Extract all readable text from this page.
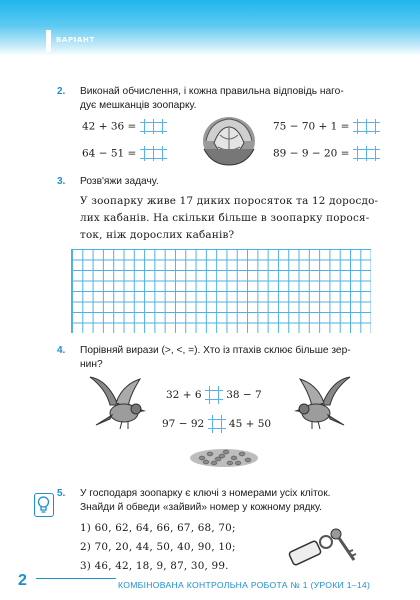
ВАРІАНТ
2. Виконай обчислення, і кожна правильна відповідь наго-
дує мешканців зоопарку.
42 + 36 =
64 − 51 =
75 − 70 + 1 =
89 − 9 − 20 =
3. Розв'яжи задачу.
У зоопарку живе 17 диких поросяток та 12 доросдо-
лих кабанів. На скільки більше в зоопарку порося-
ток, ніж дорослих кабанів?
4. Порівняй вирази (>, <, =). Хто із птахів склює більше зер-
нин?
32 + 6 38 − 7
97 − 92 45 + 50
5. У господаря зоопарку є ключі з номерами усіх кліток.
Знайди й обведи «зайвий» номер у кожному рядку.
1) 60, 62, 64, 66, 67, 68, 70;
2) 70, 20, 44, 50, 40, 90, 10;
3) 46, 42, 18, 9, 87, 30, 99.
2	КОМБІНОВАНА КОНТРОЛЬНА РОБОТА № 1 (УРОКИ 1–14)
